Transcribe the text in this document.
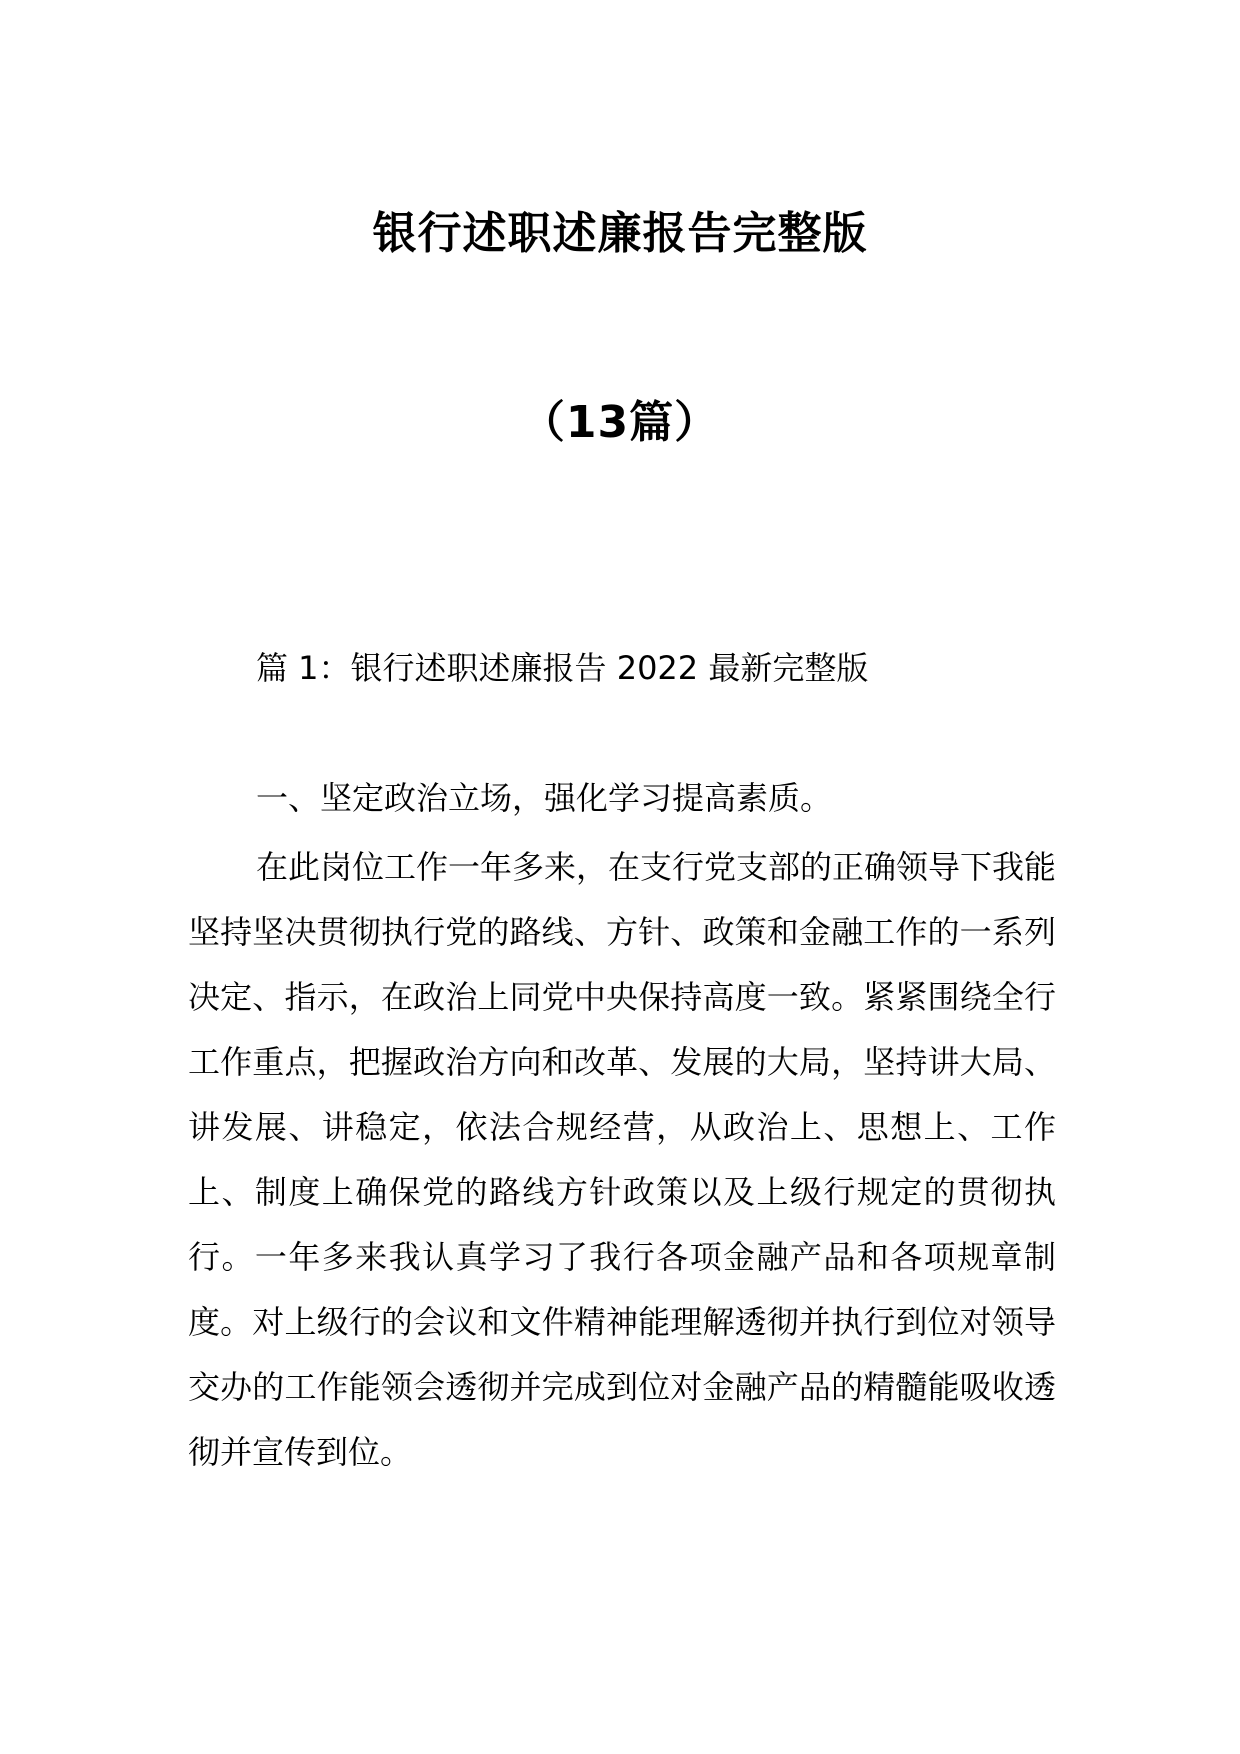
银行述职述廉报告完整版
（13篇）
篇 1：银行述职述廉报告 2022 最新完整版
一、坚定政治立场，强化学习提高素质。
在此岗位工作一年多来，在支行党支部的正确领导下我能坚持坚决贯彻执行党的路线、方针、政策和金融工作的一系列决定、指示，在政治上同党中央保持高度一致。紧紧围绕全行工作重点，把握政治方向和改革、发展的大局，坚持讲大局、讲发展、讲稳定，依法合规经营，从政治上、思想上、工作上、制度上确保党的路线方针政策以及上级行规定的贯彻执行。一年多来我认真学习了我行各项金融产品和各项规章制度。对上级行的会议和文件精神能理解透彻并执行到位对领导交办的工作能领会透彻并完成到位对金融产品的精髓能吸收透彻并宣传到位。
